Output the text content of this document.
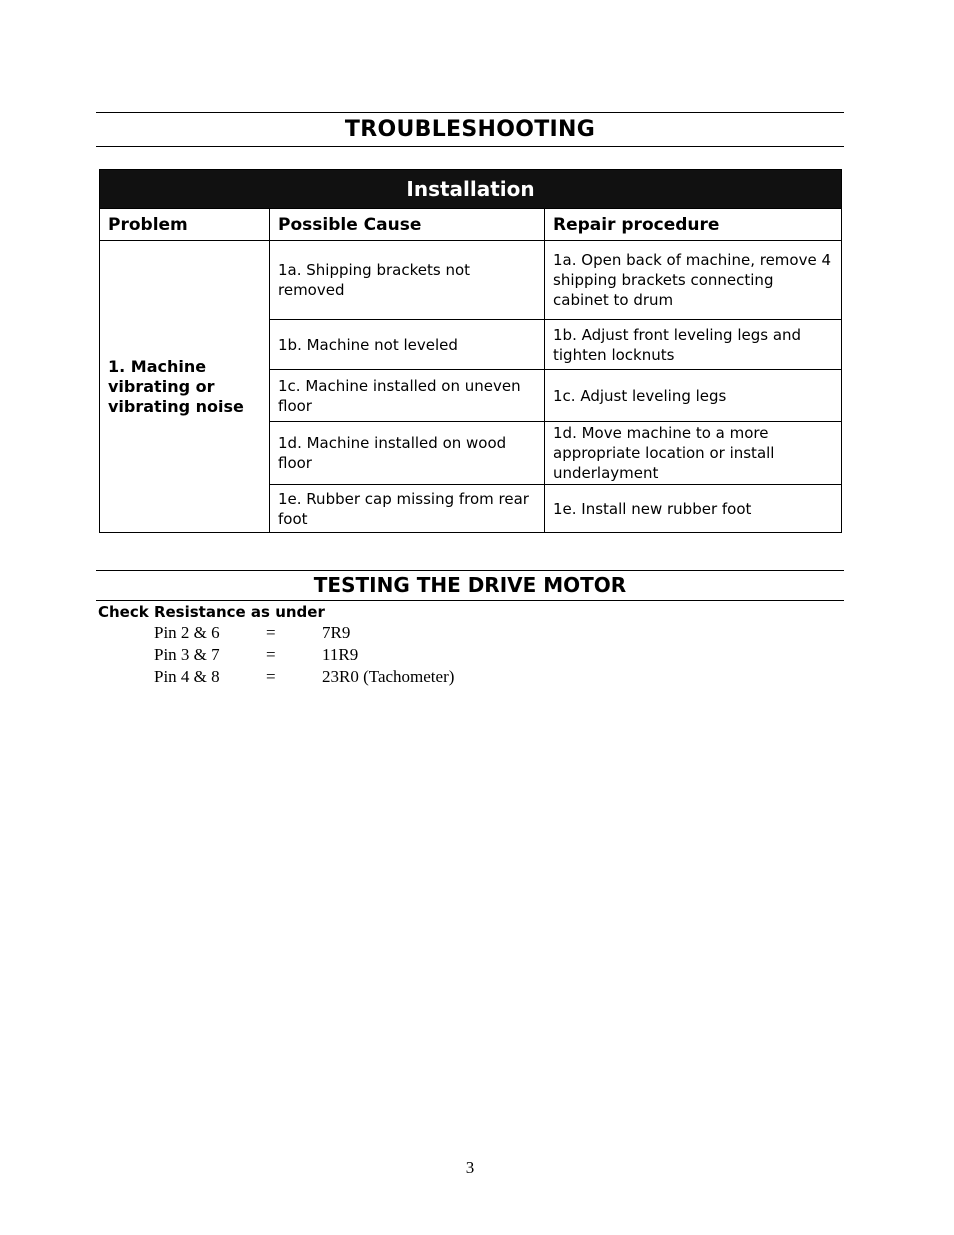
TROUBLESHOOTING
Installation		
Problem	Possible Cause	Repair procedure
1. Machine vibrating or vibrating noise	1a. Shipping brackets not removed	1a. Open back of machine, remove 4 shipping brackets connecting cabinet to drum
	1b. Machine not leveled	1b. Adjust front leveling legs and tighten locknuts
	1c. Machine installed on uneven floor	1c. Adjust leveling legs
	1d. Machine installed on wood floor	1d. Move machine to a more appropriate location or install underlayment
	1e. Rubber cap missing from rear foot	1e. Install new rubber foot
TESTING THE DRIVE MOTOR
Check Resistance as under
Pin 2 & 6	=	7R9
Pin 3 & 7	=	11R9
Pin 4 & 8	=	23R0 (Tachometer)
3
